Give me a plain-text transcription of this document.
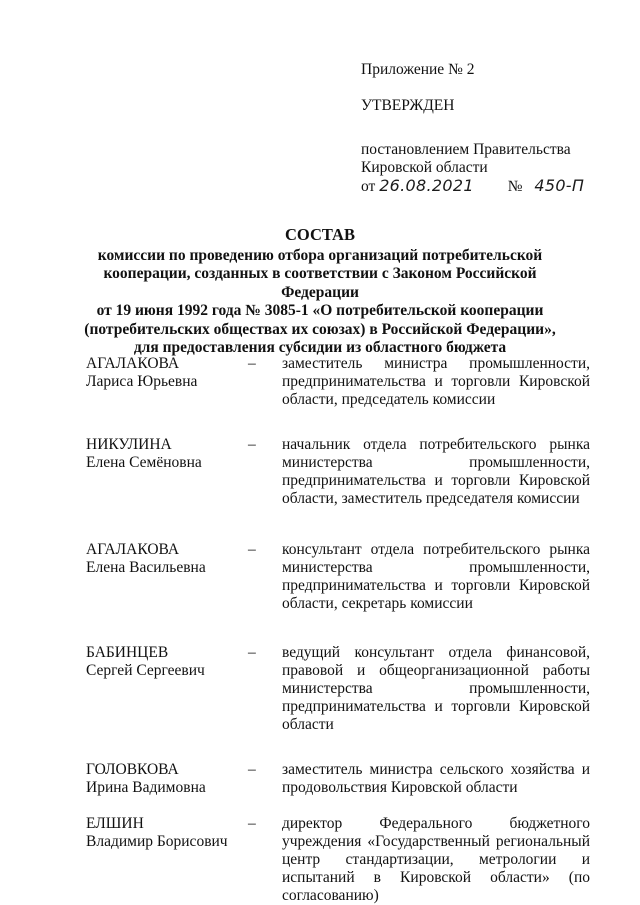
Приложение № 2
УТВЕРЖДЕН
постановлением Правительства
Кировской области
от 26.08.2021 № 450-П
СОСТАВ
комиссии по проведению отбора организаций потребительской
кооперации, созданных в соответствии с Законом Российской Федерации
от 19 июня 1992 года № 3085-1 «О потребительской кооперации
(потребительских обществах их союзах) в Российской Федерации»,
для предоставления субсидии из областного бюджета
АГАЛАКОВА
Лариса Юрьевна
–	заместитель министра промышленности, предпринимательства и торговли Кировской области, председатель комиссии
НИКУЛИНА
Елена Семёновна
–	начальник отдела потребительского рынка министерства промышленности, предпринимательства и торговли Кировской области, заместитель председателя комиссии
АГАЛАКОВА
Елена Васильевна
–	консультант отдела потребительского рынка министерства промышленности, предпринимательства и торговли Кировской области, секретарь комиссии
БАБИНЦЕВ
Сергей Сергеевич
–	ведущий консультант отдела финансовой, правовой и общеорганизационной работы министерства промышленности, предпринимательства и торговли Кировской области
ГОЛОВКОВА
Ирина Вадимовна
–	заместитель министра сельского хозяйства и продовольствия Кировской области
ЕЛШИН
Владимир Борисович
–	директор Федерального бюджетного учреждения «Государственный региональный центр стандартизации, метрологии и испытаний в Кировской области» (по согласованию)
